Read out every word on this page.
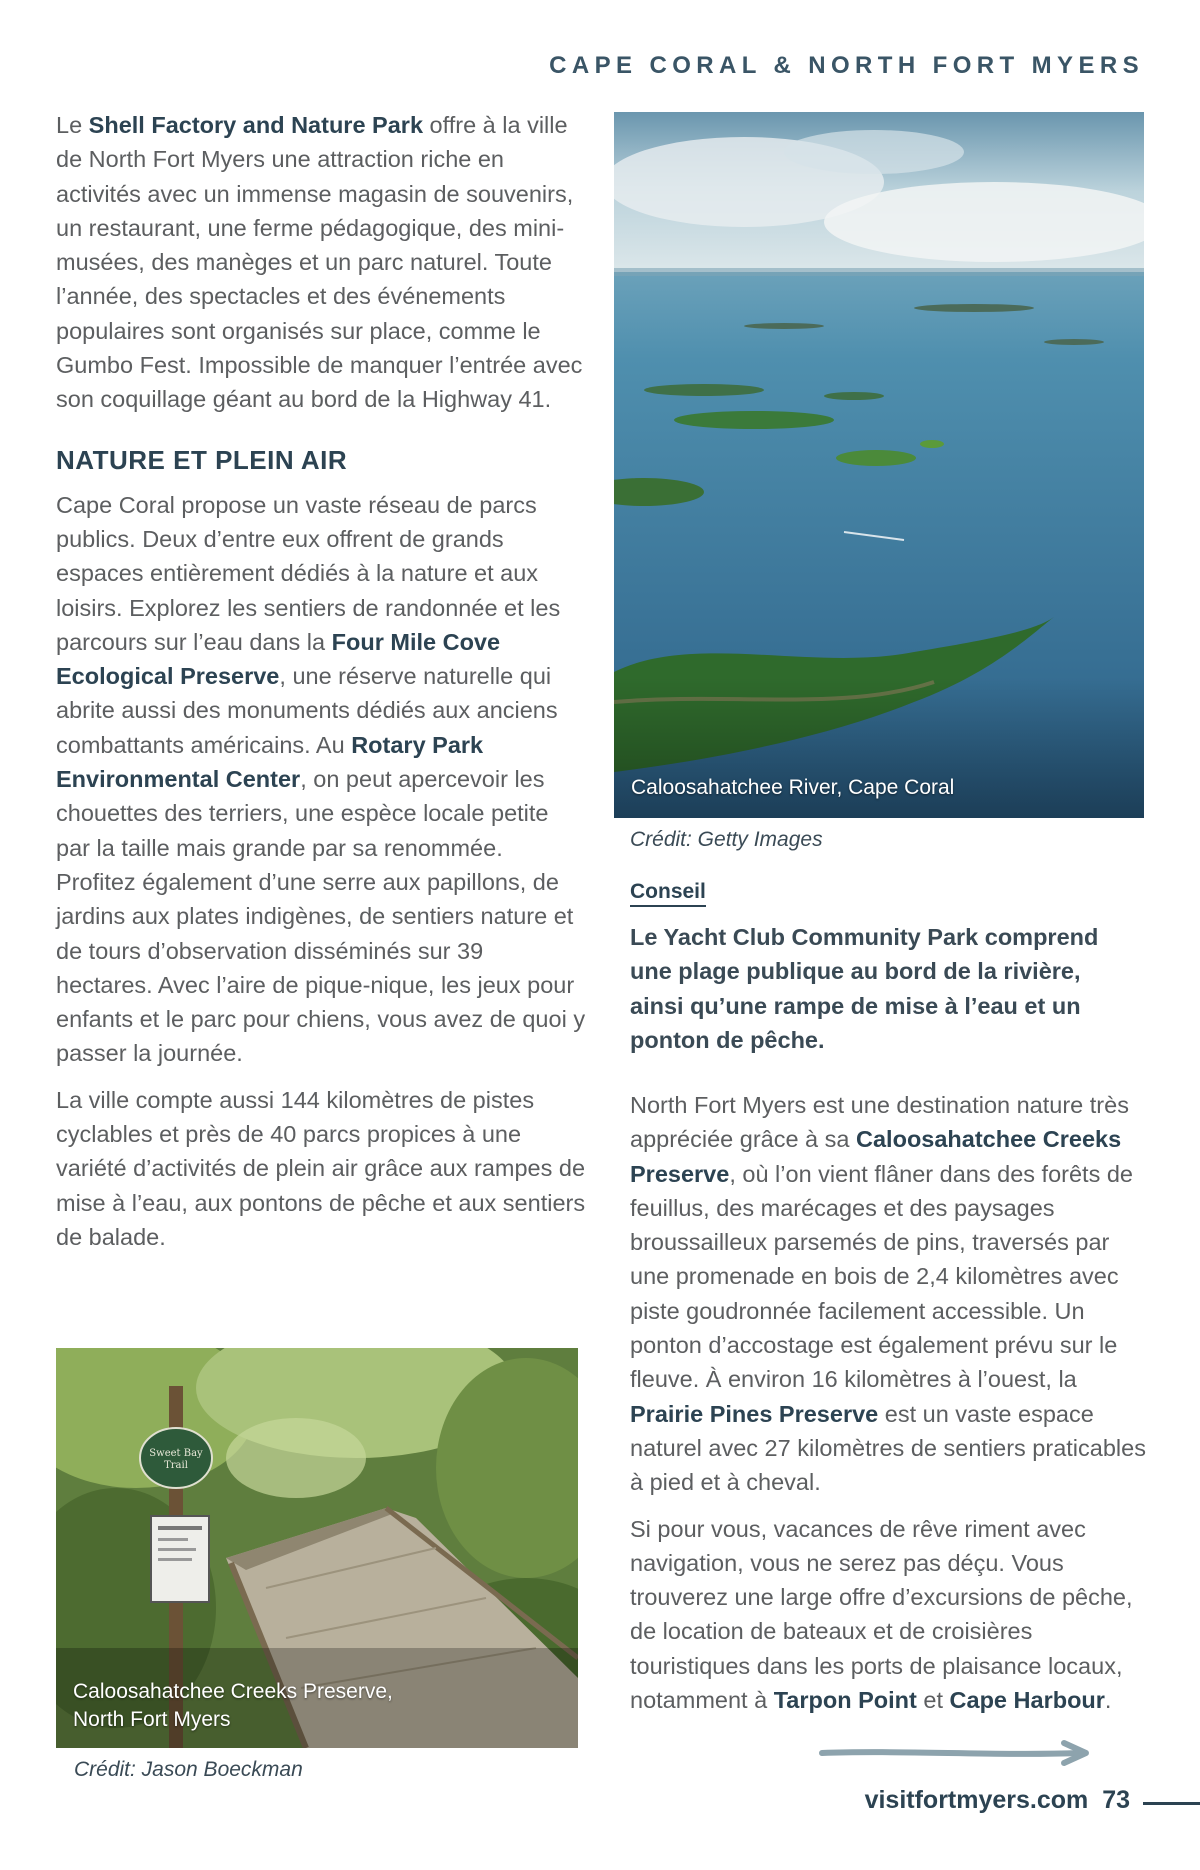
CAPE CORAL & NORTH FORT MYERS

Le Shell Factory and Nature Park offre à la ville de North Fort Myers une attraction riche en activités avec un immense magasin de souvenirs, un restaurant, une ferme pédagogique, des mini-musées, des manèges et un parc naturel. Toute l’année, des spectacles et des événements populaires sont organisés sur place, comme le Gumbo Fest. Impossible de manquer l’entrée avec son coquillage géant au bord de la Highway 41.

NATURE ET PLEIN AIR

Cape Coral propose un vaste réseau de parcs publics. Deux d’entre eux offrent de grands espaces entièrement dédiés à la nature et aux loisirs. Explorez les sentiers de randonnée et les parcours sur l’eau dans la Four Mile Cove Ecological Preserve, une réserve naturelle qui abrite aussi des monuments dédiés aux anciens combattants américains. Au Rotary Park Environmental Center, on peut apercevoir les chouettes des terriers, une espèce locale petite par la taille mais grande par sa renommée. Profitez également d’une serre aux papillons, de jardins aux plates indigènes, de sentiers nature et de tours d’observation disséminés sur 39 hectares. Avec l’aire de pique-nique, les jeux pour enfants et le parc pour chiens, vous avez de quoi y passer la journée.

La ville compte aussi 144 kilomètres de pistes cyclables et près de 40 parcs propices à une variété d’activités de plein air grâce aux rampes de mise à l’eau, aux pontons de pêche et aux sentiers de balade.

Caloosahatchee River, Cape Coral
Crédit: Getty Images
Conseil

Le Yacht Club Community Park comprend une plage publique au bord de la rivière, ainsi qu’une rampe de mise à l’eau et un ponton de pêche.

North Fort Myers est une destination nature très appréciée grâce à sa Caloosahatchee Creeks Preserve, où l’on vient flâner dans des forêts de feuillus, des marécages et des paysages broussailleux parsemés de pins, traversés par une promenade en bois de 2,4 kilomètres avec piste goudronnée facilement accessible. Un ponton d’accostage est également prévu sur le fleuve. À environ 16 kilomètres à l’ouest, la Prairie Pines Preserve est un vaste espace naturel avec 27 kilomètres de sentiers praticables à pied et à cheval.

Si pour vous, vacances de rêve riment avec navigation, vous ne serez pas déçu. Vous trouverez une large offre d’excursions de pêche, de location de bateaux et de croisières touristiques dans les ports de plaisance locaux, notamment à Tarpon Point et Cape Harbour.

Sweet Bay
Trail
Caloosahatchee Creeks Preserve,
North Fort Myers
Crédit: Jason Boeckman
visitfortmyers.com 73
